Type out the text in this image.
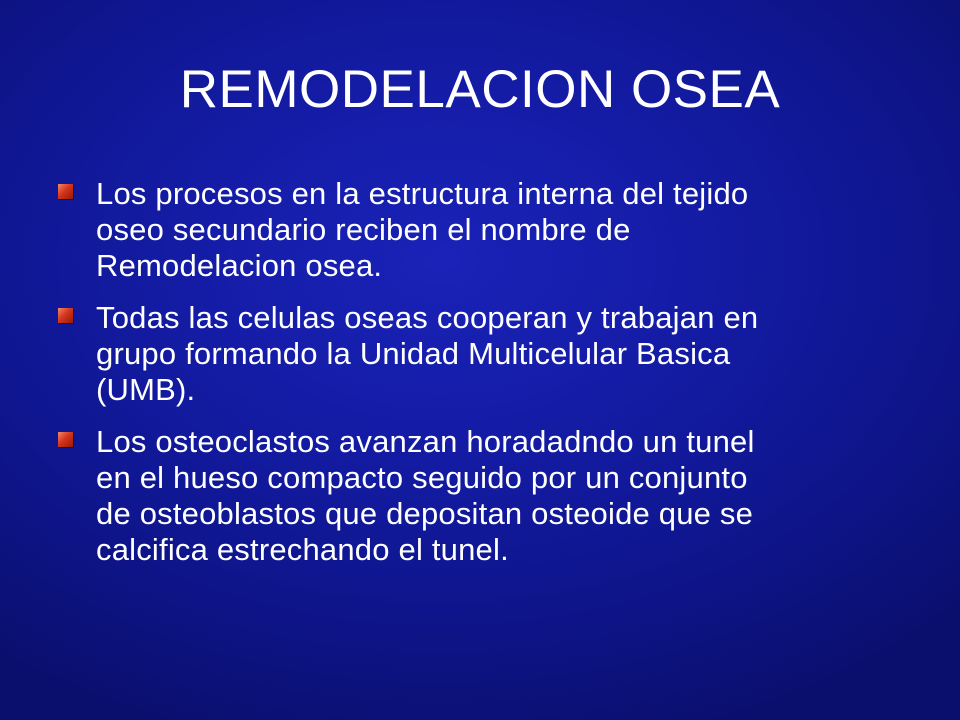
REMODELACION OSEA
Los procesos en la estructura interna del tejido
oseo secundario reciben el nombre de
Remodelacion osea.
Todas las celulas oseas cooperan y trabajan en
grupo formando la Unidad Multicelular Basica
(UMB).
Los osteoclastos avanzan horadadndo un tunel
en el hueso compacto seguido por un conjunto
de osteoblastos que depositan osteoide que se
calcifica estrechando el tunel.
